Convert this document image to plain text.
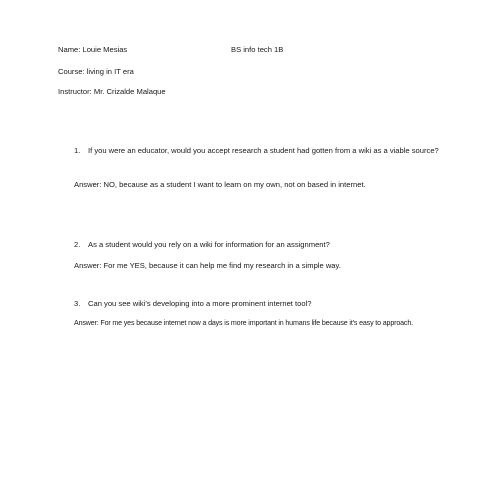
Name: Louie Mesias	BS info tech 1B
Course: living in IT era
Instructor: Mr. Crizalde Malaque
1. If you were an educator, would you accept research a student had gotten from a wiki as a viable source?
Answer: NO, because as a student I want to learn on my own, not on based in internet.
2. As a student would you rely on a wiki for information for an assignment?
Answer: For me YES, because it can help me find my research in a simple way.
3. Can you see wiki's developing into a more prominent internet tool?
Answer: For me yes because internet now a days is more important in humans life because it's easy to approach.
